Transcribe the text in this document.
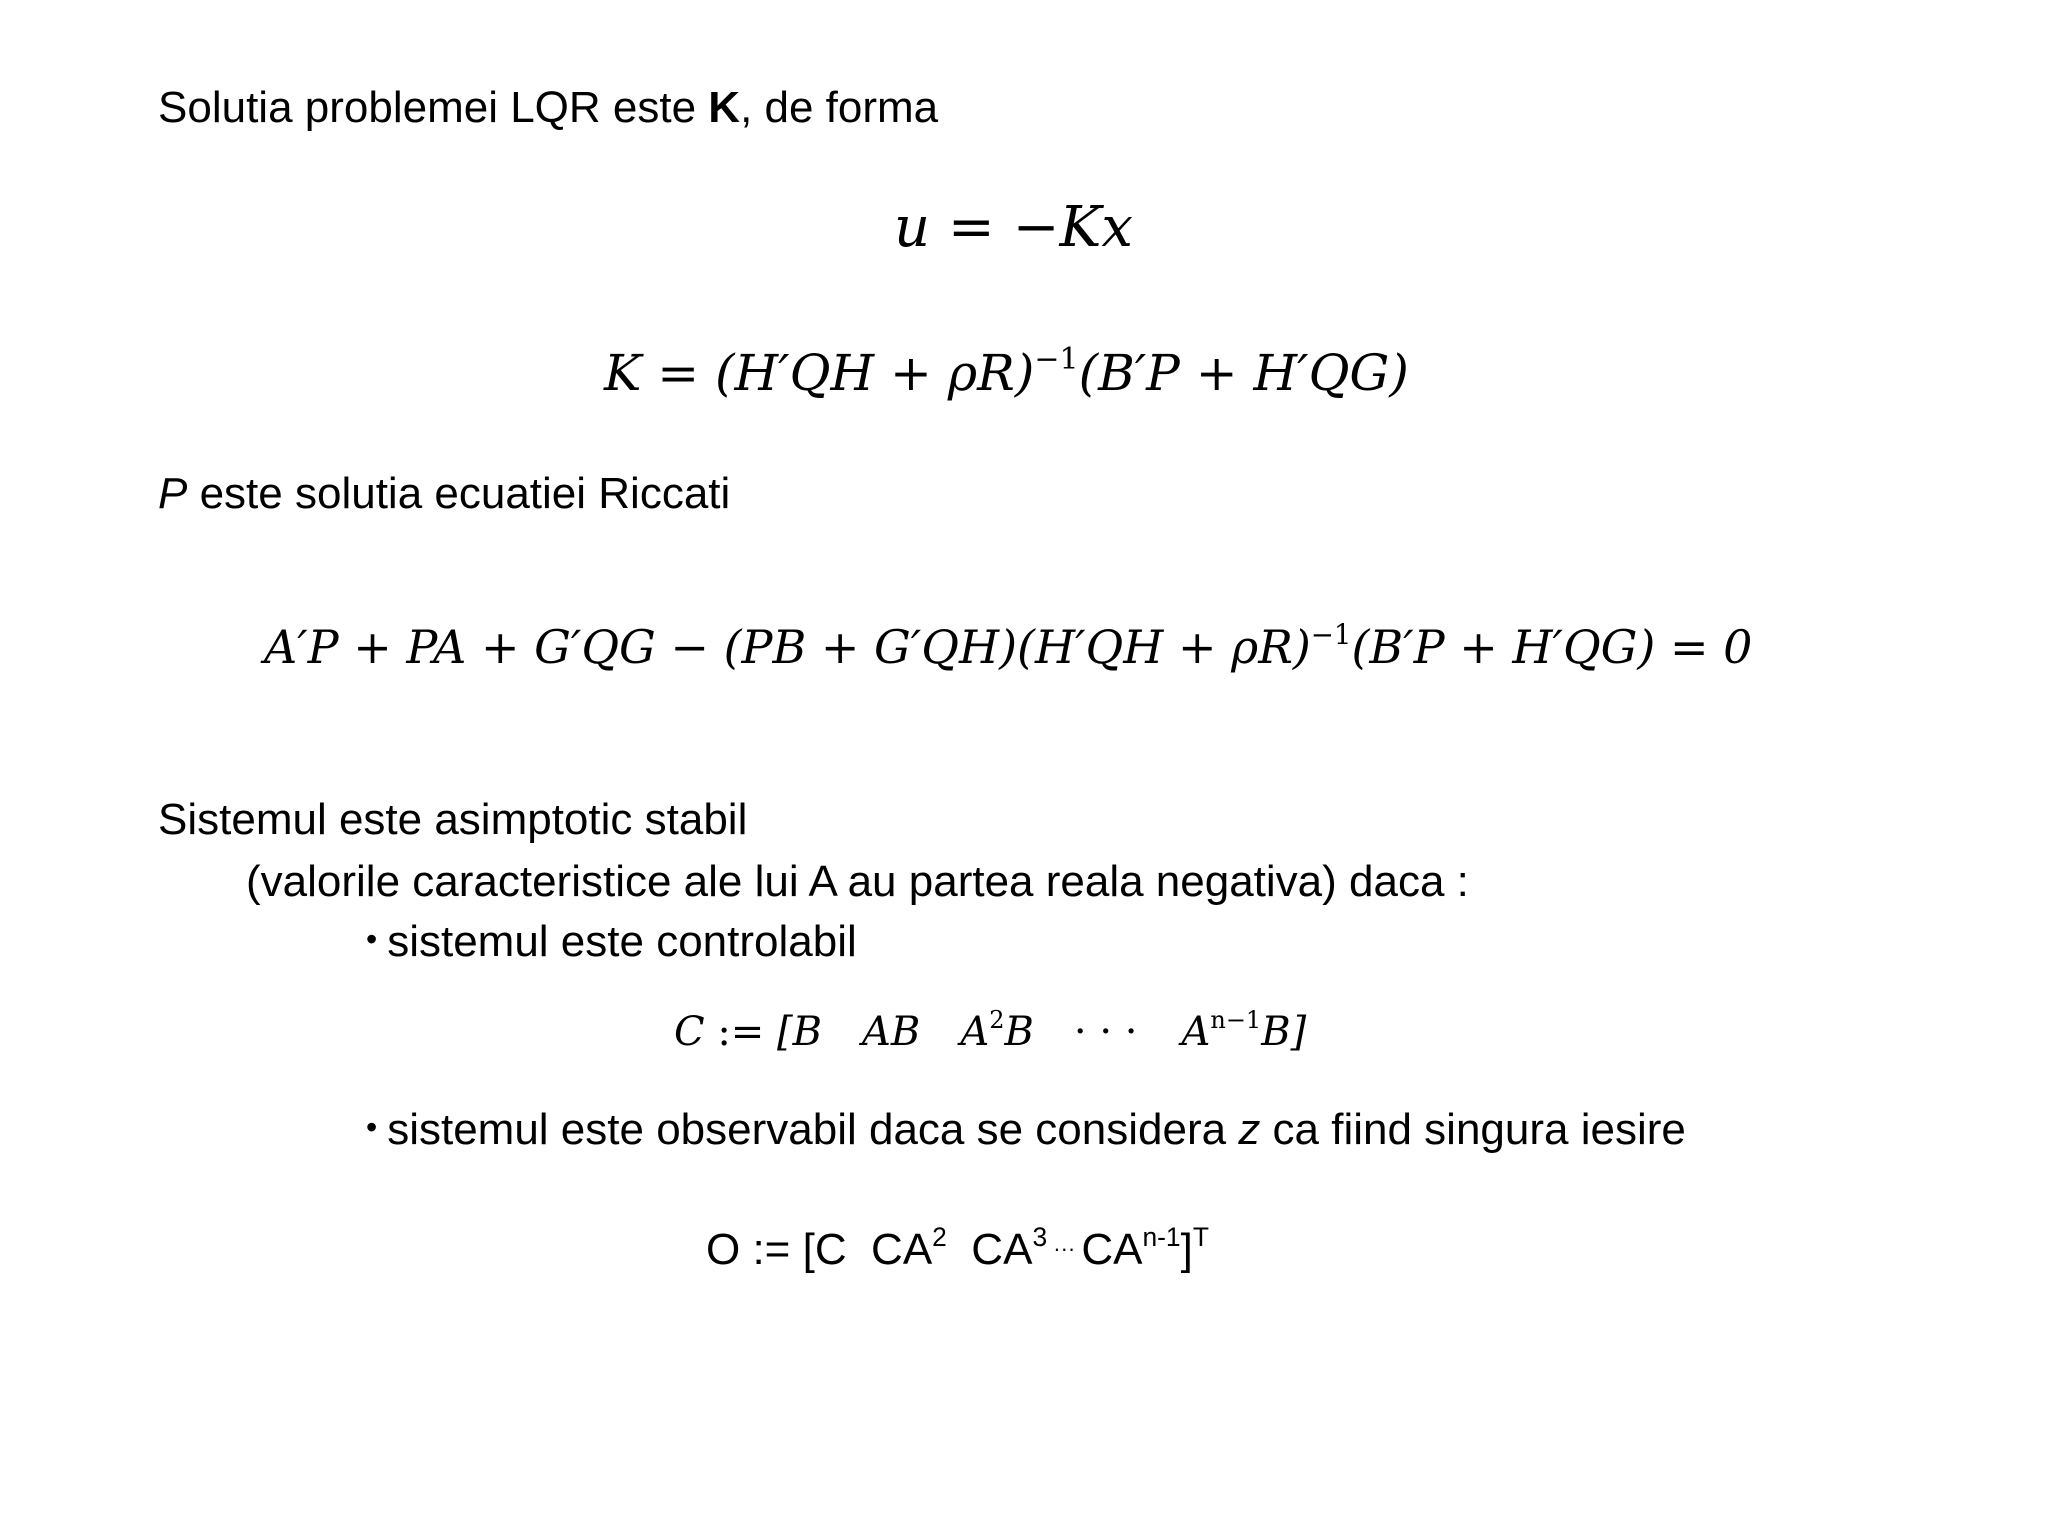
Solutia problemei LQR este K, de forma
u = −Kx
$K = (H'QH + \rho R)^{-1}(B'P + H'QG)$
P este solutia ecuatiei Riccati
A′P + PA + $G'QG - (PB + G'QH)(H'QH + \rho R)^{-1}(B'P + H'QG) = 0$
Sistemul este asimptotic stabil
(valorile caracteristice ale lui A au partea reala negativa) daca :
• sistemul este controlabil
C := [B AB $A^2B$ · · · $A^{n-1}B$]
• sistemul este observabil daca se considera z ca fiind singura iesire
O := [C  $CA^2$  $CA^3$ ··· $CA^{n-1}]^T$
